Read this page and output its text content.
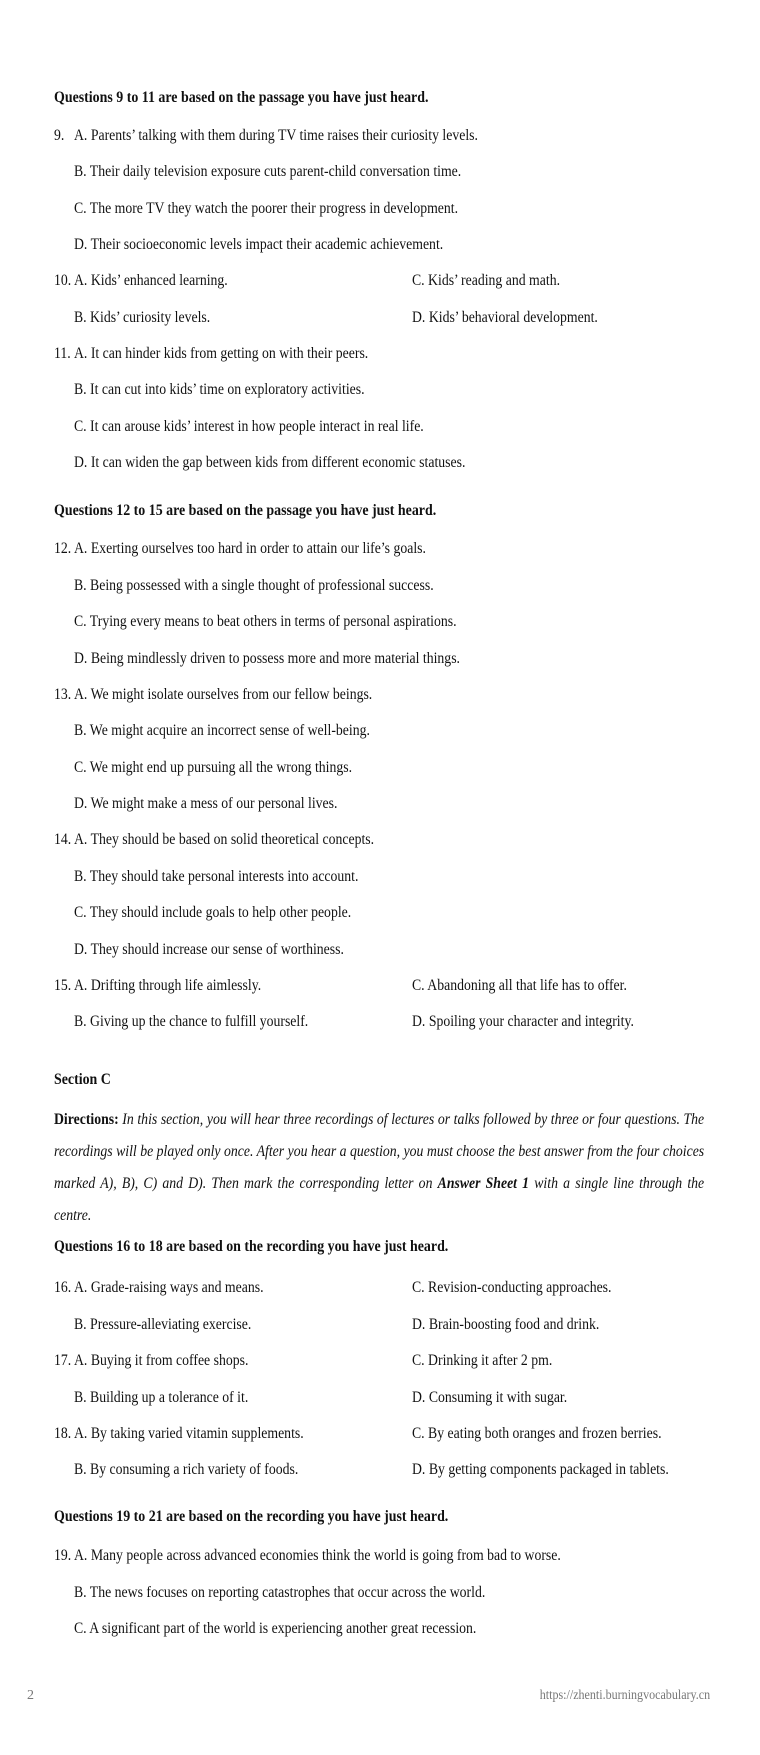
Questions 9 to 11 are based on the passage you have just heard.
9. A. Parents’ talking with them during TV time raises their curiosity levels.
B. Their daily television exposure cuts parent-child conversation time.
C. The more TV they watch the poorer their progress in development.
D. Their socioeconomic levels impact their academic achievement.
10. A. Kids’ enhanced learning.	C. Kids’ reading and math.
B. Kids’ curiosity levels.	D. Kids’ behavioral development.
11. A. It can hinder kids from getting on with their peers.
B. It can cut into kids’ time on exploratory activities.
C. It can arouse kids’ interest in how people interact in real life.
D. It can widen the gap between kids from different economic statuses.
Questions 12 to 15 are based on the passage you have just heard.
12. A. Exerting ourselves too hard in order to attain our life’s goals.
B. Being possessed with a single thought of professional success.
C. Trying every means to beat others in terms of personal aspirations.
D. Being mindlessly driven to possess more and more material things.
13. A. We might isolate ourselves from our fellow beings.
B. We might acquire an incorrect sense of well-being.
C. We might end up pursuing all the wrong things.
D. We might make a mess of our personal lives.
14. A. They should be based on solid theoretical concepts.
B. They should take personal interests into account.
C. They should include goals to help other people.
D. They should increase our sense of worthiness.
15. A. Drifting through life aimlessly.	C. Abandoning all that life has to offer.
B. Giving up the chance to fulfill yourself.	D. Spoiling your character and integrity.
Section C
Directions: In this section, you will hear three recordings of lectures or talks followed by three or four questions. The recordings will be played only once. After you hear a question, you must choose the best answer from the four choices marked A), B), C) and D). Then mark the corresponding letter on Answer Sheet 1 with a single line through the centre.
Questions 16 to 18 are based on the recording you have just heard.
16. A. Grade-raising ways and means.	C. Revision-conducting approaches.
B. Pressure-alleviating exercise.	D. Brain-boosting food and drink.
17. A. Buying it from coffee shops.	C. Drinking it after 2 pm.
B. Building up a tolerance of it.	D. Consuming it with sugar.
18. A. By taking varied vitamin supplements.	C. By eating both oranges and frozen berries.
B. By consuming a rich variety of foods.	D. By getting components packaged in tablets.
Questions 19 to 21 are based on the recording you have just heard.
19. A. Many people across advanced economies think the world is going from bad to worse.
B. The news focuses on reporting catastrophes that occur across the world.
C. A significant part of the world is experiencing another great recession.
2	https://zhenti.burningvocabulary.cn
